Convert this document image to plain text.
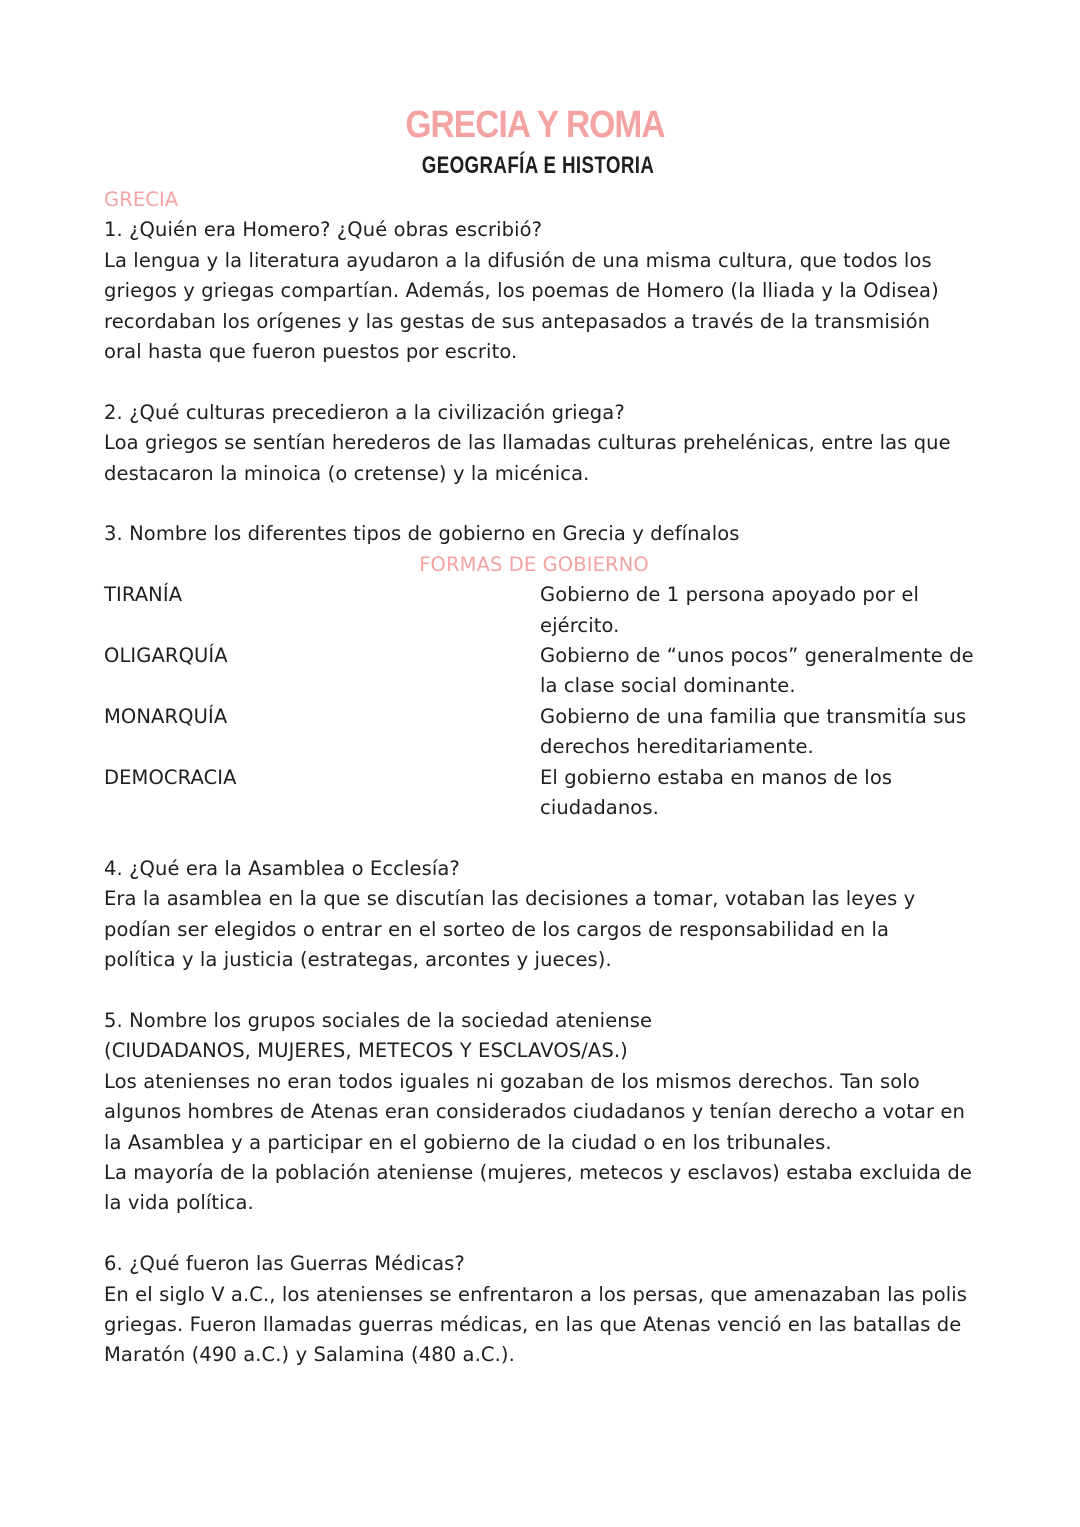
GRECIA Y ROMA
GEOGRAFÍA E HISTORIA
GRECIA
1. ¿Quién era Homero? ¿Qué obras escribió?
La lengua y la literatura ayudaron a la difusión de una misma cultura, que todos los
griegos y griegas compartían. Además, los poemas de Homero (la lliada y la Odisea)
recordaban los orígenes y las gestas de sus antepasados a través de la transmisión
oral hasta que fueron puestos por escrito.
2. ¿Qué culturas precedieron a la civilización griega?
Loa griegos se sentían herederos de las llamadas culturas prehelénicas, entre las que
destacaron la minoica (o cretense) y la micénica.
3. Nombre los diferentes tipos de gobierno en Grecia y defínalos
FORMAS DE GOBIERNO
TIRANÍA	Gobierno de 1 persona apoyado por el
ejército.
OLIGARQUÍA	Gobierno de “unos pocos” generalmente de
la clase social dominante.
MONARQUÍA	Gobierno de una familia que transmitía sus
derechos hereditariamente.
DEMOCRACIA	El gobierno estaba en manos de los
ciudadanos.
4. ¿Qué era la Asamblea o Ecclesía?
Era la asamblea en la que se discutían las decisiones a tomar, votaban las leyes y
podían ser elegidos o entrar en el sorteo de los cargos de responsabilidad en la
política y la justicia (estrategas, arcontes y jueces).
5. Nombre los grupos sociales de la sociedad ateniense
(CIUDADANOS, MUJERES, METECOS Y ESCLAVOS/AS.)
Los atenienses no eran todos iguales ni gozaban de los mismos derechos. Tan solo
algunos hombres de Atenas eran considerados ciudadanos y tenían derecho a votar en
la Asamblea y a participar en el gobierno de la ciudad o en los tribunales.
La mayoría de la población ateniense (mujeres, metecos y esclavos) estaba excluida de
la vida política.
6. ¿Qué fueron las Guerras Médicas?
En el siglo V a.C., los atenienses se enfrentaron a los persas, que amenazaban las polis
griegas. Fueron llamadas guerras médicas, en las que Atenas venció en las batallas de
Maratón (490 a.C.) y Salamina (480 a.C.).
